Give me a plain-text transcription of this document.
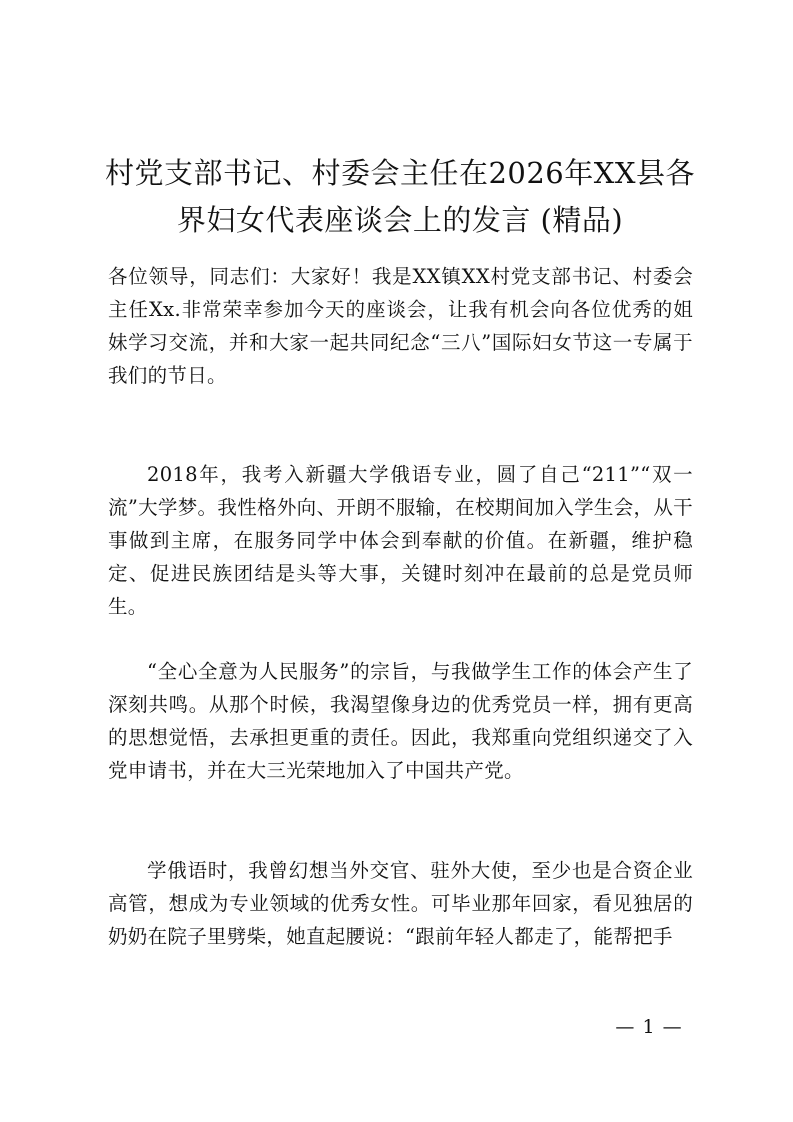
村党支部书记、村委会主任在2026年XX县各
界妇女代表座谈会上的发言 (精品)

各位领导，同志们：大家好！我是XX镇XX村党支部书记、村委会主任Xx.非常荣幸参加今天的座谈会，让我有机会向各位优秀的姐妹学习交流，并和大家一起共同纪念“三八”国际妇女节这一专属于我们的节日。

2018年，我考入新疆大学俄语专业，圆了自己“211”“双一流”大学梦。我性格外向、开朗不服输，在校期间加入学生会，从干事做到主席，在服务同学中体会到奉献的价值。在新疆，维护稳定、促进民族团结是头等大事，关键时刻冲在最前的总是党员师生。

“全心全意为人民服务”的宗旨，与我做学生工作的体会产生了深刻共鸣。从那个时候，我渴望像身边的优秀党员一样，拥有更高的思想觉悟，去承担更重的责任。因此，我郑重向党组织递交了入党申请书，并在大三光荣地加入了中国共产党。

学俄语时，我曾幻想当外交官、驻外大使，至少也是合资企业高管，想成为专业领域的优秀女性。可毕业那年回家，看见独居的奶奶在院子里劈柴，她直起腰说：“跟前年轻人都走了，能帮把手

— 1 —
